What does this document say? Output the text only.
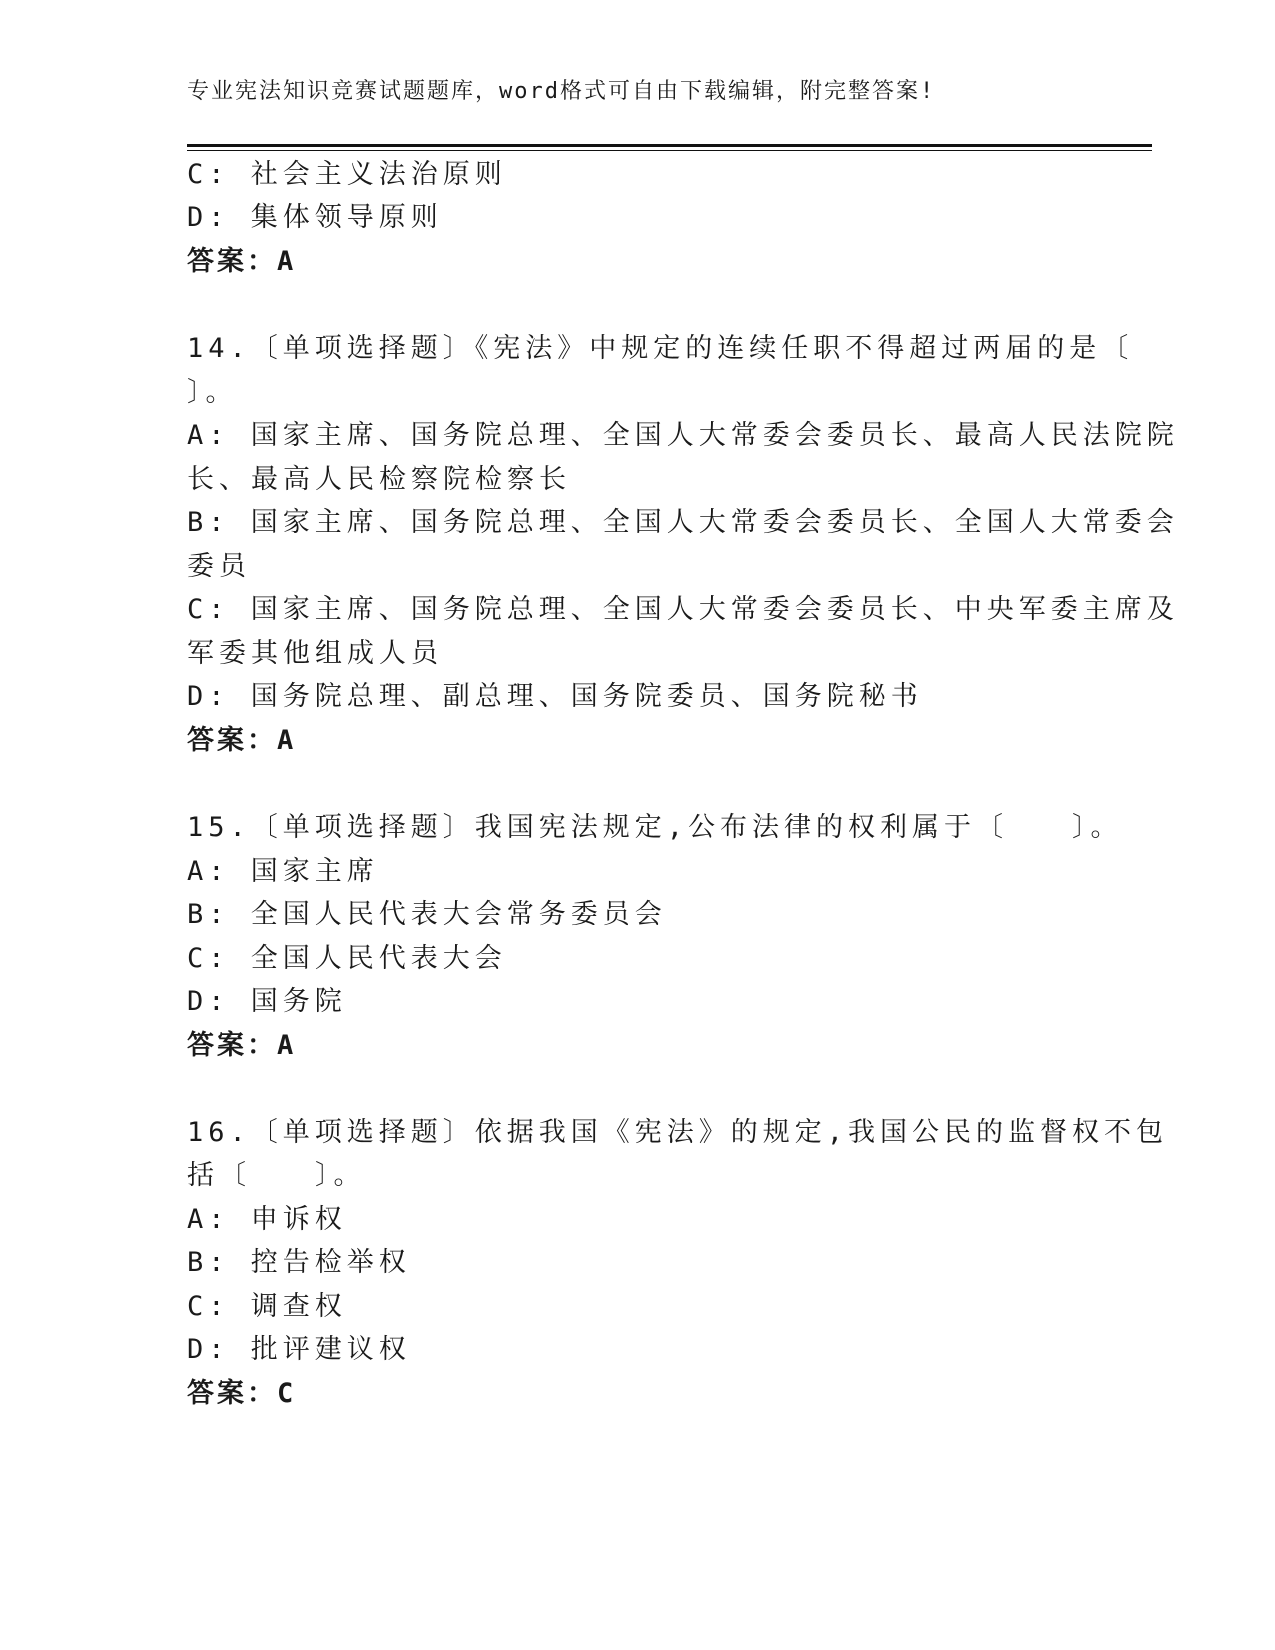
专业宪法知识竞赛试题题库，word格式可自由下载编辑，附完整答案!
C: 社会主义法治原则
D: 集体领导原则
答案：A
14.〔单项选择题〕《宪法》中规定的连续任职不得超过两届的是〔
〕。
A: 国家主席、国务院总理、全国人大常委会委员长、最高人民法院院
长、最高人民检察院检察长
B: 国家主席、国务院总理、全国人大常委会委员长、全国人大常委会
委员
C: 国家主席、国务院总理、全国人大常委会委员长、中央军委主席及
军委其他组成人员
D: 国务院总理、副总理、国务院委员、国务院秘书
答案：A
15.〔单项选择题〕我国宪法规定,公布法律的权利属于〔　　〕。
A: 国家主席
B: 全国人民代表大会常务委员会
C: 全国人民代表大会
D: 国务院
答案：A
16.〔单项选择题〕依据我国《宪法》的规定,我国公民的监督权不包
括〔　　〕。
A: 申诉权
B: 控告检举权
C: 调查权
D: 批评建议权
答案：C
